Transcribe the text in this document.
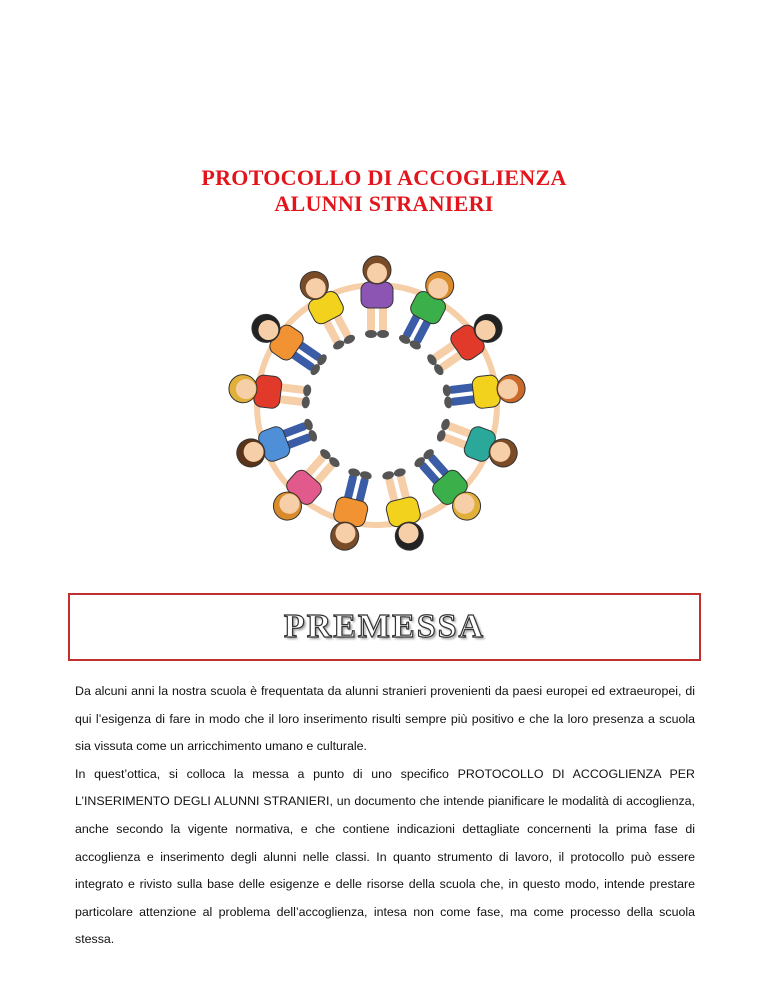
PROTOCOLLO DI ACCOGLIENZA
ALUNNI STRANIERI
PREMESSA

Da alcuni anni la nostra scuola è frequentata da alunni stranieri provenienti da paesi europei ed extraeuropei, di qui l’esigenza di fare in modo che il loro inserimento risulti sempre più positivo e che la loro presenza a scuola sia vissuta come un arricchimento umano e culturale.

In quest’ottica, si colloca la messa a punto di uno specifico PROTOCOLLO DI ACCOGLIENZA PER L’INSERIMENTO DEGLI ALUNNI STRANIERI, un documento che intende pianificare le modalità di accoglienza, anche secondo la vigente normativa, e che contiene indicazioni dettagliate concernenti la prima fase di accoglienza e inserimento degli alunni nelle classi. In quanto strumento di lavoro, il protocollo può essere integrato e rivisto sulla base delle esigenze e delle risorse della scuola che, in questo modo, intende prestare particolare attenzione al problema dell’accoglienza, intesa non come fase, ma come processo della scuola stessa.
